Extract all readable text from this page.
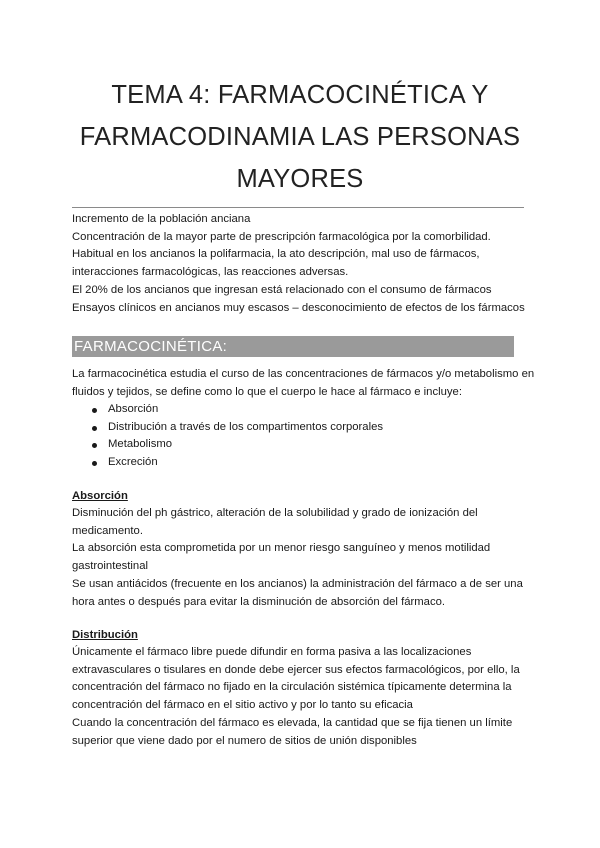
TEMA 4: FARMACOCINÉTICA Y
FARMACODINAMIA LAS PERSONAS
MAYORES
Incremento de la población anciana
Concentración de la mayor parte de prescripción farmacológica por la comorbilidad.
Habitual en los ancianos la polifarmacia, la ato descripción, mal uso de fármacos,
interacciones farmacológicas, las reacciones adversas.
El 20% de los ancianos que ingresan está relacionado con el consumo de fármacos
Ensayos clínicos en ancianos muy escasos – desconocimiento de efectos de los fármacos
FARMACOCINÉTICA:
La farmacocinética estudia el curso de las concentraciones de fármacos y/o metabolismo en
fluidos y tejidos, se define como lo que el cuerpo le hace al fármaco e incluye:
Absorción
Distribución a través de los compartimentos corporales
Metabolismo
Excreción
Absorción
Disminución del ph gástrico, alteración de la solubilidad y grado de ionización del
medicamento.
La absorción esta comprometida por un menor riesgo sanguíneo y menos motilidad
gastrointestinal
Se usan antiácidos (frecuente en los ancianos) la administración del fármaco a de ser una
hora antes o después para evitar la disminución de absorción del fármaco.
Distribución
Únicamente el fármaco libre puede difundir en forma pasiva a las localizaciones
extravasculares o tisulares en donde debe ejercer sus efectos farmacológicos, por ello, la
concentración del fármaco no fijado en la circulación sistémica típicamente determina la
concentración del fármaco en el sitio activo y por lo tanto su eficacia
Cuando la concentración del fármaco es elevada, la cantidad que se fija tienen un límite
superior que viene dado por el numero de sitios de unión disponibles
